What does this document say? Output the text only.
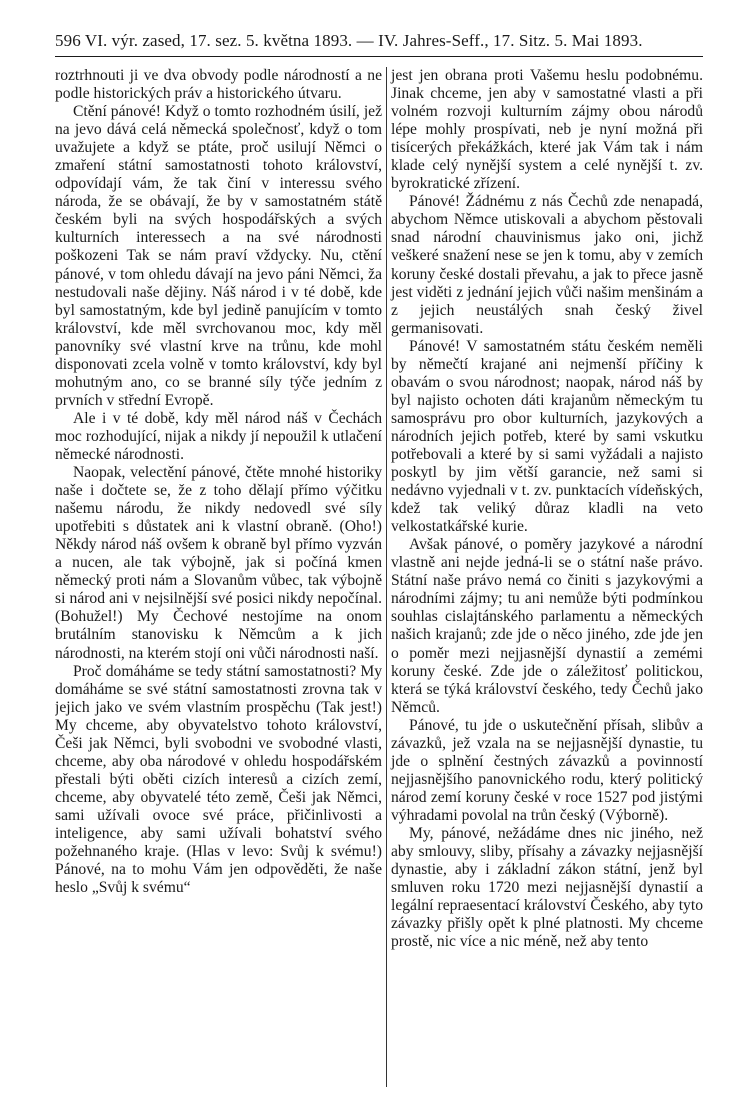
596 VI. výr. zased, 17. sez. 5. května 1893. — IV. Jahres-Seff., 17. Sitz. 5. Mai 1893.

roztrhnouti ji ve dva obvody podle národností a ne podle historických práv a historického útvaru.

Ctění pánové! Když o tomto rozhodném úsilí, jež na jevo dává celá německá společnosť, když o tom uvažujete a když se ptáte, proč usilují Němci o zmaření státní samostatnosti tohoto království, odpovídají vám, že tak činí v interessu svého národa, že se obávají, že by v samostatném státě českém byli na svých hospodářských a svých kulturních interessech a na své národnosti poškozeni Tak se nám praví vždycky. Nu, ctění pánové, v tom ohledu dávají na jevo páni Němci, ža nestudovali naše dějiny. Náš národ i v té době, kde byl samostatným, kde byl jedině panujícím v tomto království, kde měl svrchovanou moc, kdy měl panovníky své vlastní krve na trůnu, kde mohl disponovati zcela volně v tomto království, kdy byl mohutným ano, co se branné síly týče jedním z prvních v střední Evropě.

Ale i v té době, kdy měl národ náš v Čechách moc rozhodující, nijak a nikdy jí nepoužil k utlačení německé národnosti.

Naopak, velectění pánové, čtěte mnohé historiky naše i dočtete se, že z toho dělají přímo výčitku našemu národu, že nikdy nedovedl své síly upotřebiti s důstatek ani k vlastní obraně. (Oho!) Někdy národ náš ovšem k obraně byl přímo vyzván a nucen, ale tak výbojně, jak si počíná kmen německý proti nám a Slovanům vůbec, tak výbojně si národ ani v nejsilnější své posici nikdy nepočínal. (Bohužel!) My Čechové nestojíme na onom brutálním stanovisku k Němcům a k jich národnosti, na kterém stojí oni vůči národnosti naší.

Proč domáháme se tedy státní samostatnosti? My domáháme se své státní samostatnosti zrovna tak v jejich jako ve svém vlastním prospěchu (Tak jest!) My chceme, aby obyvatelstvo tohoto království, Češi jak Němci, byli svobodni ve svobodné vlasti, chceme, aby oba národové v ohledu hospodářském přestali býti oběti cizích interesů a cizích zemí, chceme, aby obyvatelé této země, Češi jak Němci, sami užívali ovoce své práce, přičinlivosti a inteligence, aby sami užívali bohatství svého požehnaného kraje. (Hlas v levo: Svůj k svému!) Pánové, na to mohu Vám jen odpověděti, že naše heslo „Svůj k svému“

jest jen obrana proti Vašemu heslu podobnému. Jinak chceme, jen aby v samostatné vlasti a při volném rozvoji kulturním zájmy obou národů lépe mohly prospívati, neb je nyní možná při tisícerých překážkách, které jak Vám tak i nám klade celý nynější system a celé nynější t. zv. byrokratické zřízení.

Pánové! Žádnému z nás Čechů zde nenapadá, abychom Němce utiskovali a abychom pěstovali snad národní chauvinismus jako oni, jichž veškeré snažení nese se jen k tomu, aby v zemích koruny české dostali převahu, a jak to přece jasně jest viděti z jednání jejich vůči našim menšinám a z jejich neustálých snah český živel germanisovati.

Pánové! V samostatném státu českém neměli by němečtí krajané ani nejmenší příčiny k obavám o svou národnost; naopak, národ náš by byl najisto ochoten dáti krajanům německým tu samosprávu pro obor kulturních, jazykových a národních jejich potřeb, které by sami vskutku potřebovali a které by si sami vyžádali a najisto poskytl by jim větší garancie, než sami si nedávno vyjednali v t. zv. punktacích vídeňských, kdež tak veliký důraz kladli na veto velkostatkářské kurie.

Avšak pánové, o poměry jazykové a národní vlastně ani nejde jedná-li se o státní naše právo. Státní naše právo nemá co činiti s jazykovými a národními zájmy; tu ani nemůže býti podmínkou souhlas cislajtánského parlamentu a německých našich krajanů; zde jde o něco jiného, zde jde jen o poměr mezi nejjasnější dynastií a zemémi koruny české. Zde jde o záležitosť politickou, která se týká království českého, tedy Čechů jako Němců.

Pánové, tu jde o uskutečnění přísah, slibův a závazků, jež vzala na se nejjasnější dynastie, tu jde o splnění čestných závazků a povinností nejjasnějšího panovnického rodu, který politický národ zemí koruny české v roce 1527 pod jistými výhradami povolal na trůn český (Výborně).

My, pánové, nežádáme dnes nic jiného, než aby smlouvy, sliby, přísahy a závazky nejjasnější dynastie, aby i základní zákon státní, jenž byl smluven roku 1720 mezi nejjasnější dynastií a legální repraesentací království Českého, aby tyto závazky přišly opět k plné platnosti. My chceme prostě, nic více a nic méně, než aby tento
